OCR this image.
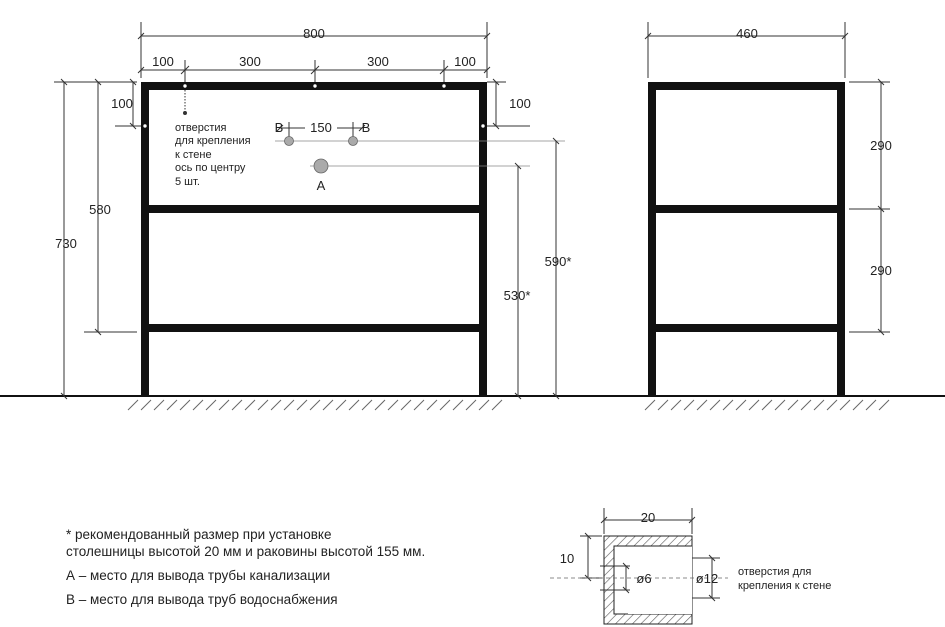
800
100	300	300	100
730
580
100	100
отверстия
для крепления
к стене
ось по центру
5 шт.
150
B	B
A
590*
530*
460
290
290
20
10
ø6	ø12 отверстия для
крепления к стене

* рекомендованный размер при установке

столешницы высотой 20 мм и раковины высотой 155 мм.

А – место для вывода трубы канализации

В – место для вывода труб водоснабжения
